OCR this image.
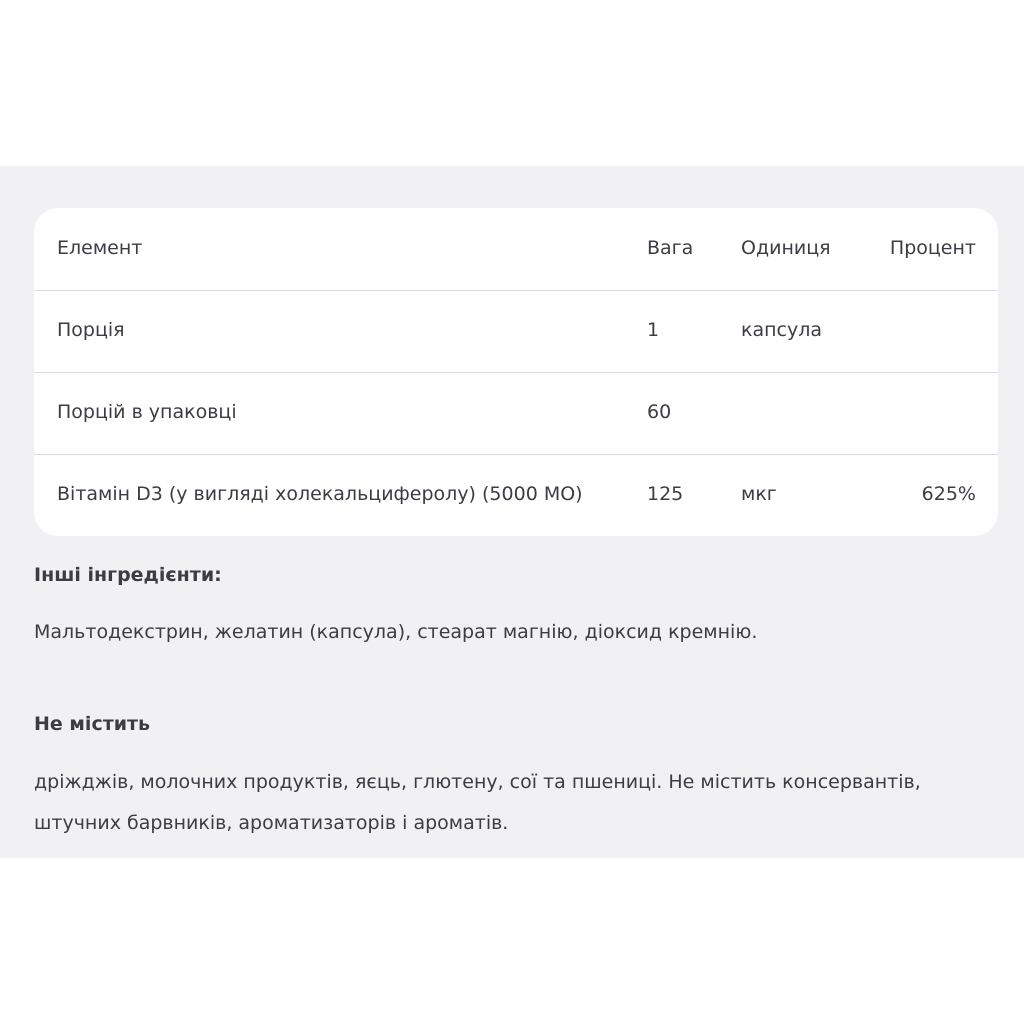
Елемент	Вага	Одиниця	Процент
Порція	1	капсула
Порцій в упаковці	60
Вітамін D3 (у вигляді холекальциферолу) (5000 МО)	125	мкг	625%
Інші інгредієнти:
Мальтодекстрин, желатин (капсула), стеарат магнію, діоксид кремнію.
Не містить
дріжджів, молочних продуктів, яєць, глютену, сої та пшениці. Не містить консервантів,
штучних барвників, ароматизаторів і ароматів.
